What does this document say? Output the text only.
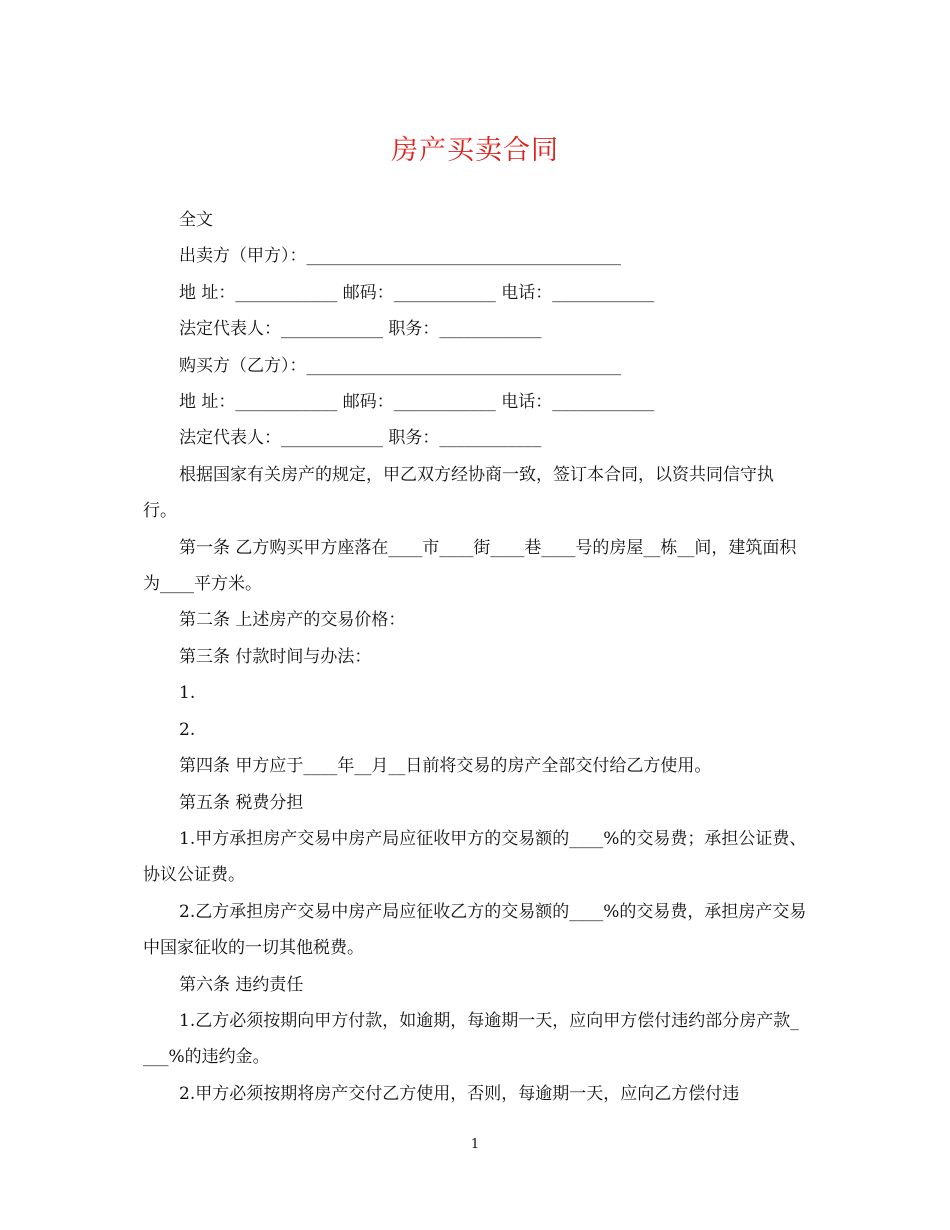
房产买卖合同

全文

出卖方（甲方）：_____________________________________

地 址：____________ 邮码：____________ 电话：____________

法定代表人：____________ 职务：____________

购买方（乙方）：_____________________________________

地 址：____________ 邮码：____________ 电话：____________

法定代表人：____________ 职务：____________

根据国家有关房产的规定，甲乙双方经协商一致，签订本合同，以资共同信守执行。

第一条 乙方购买甲方座落在____市____街____巷____号的房屋__栋__间，建筑面积为____平方米。

第二条 上述房产的交易价格：

第三条 付款时间与办法：

1.

2.

第四条 甲方应于____年__月__日前将交易的房产全部交付给乙方使用。

第五条 税费分担

1.甲方承担房产交易中房产局应征收甲方的交易额的____%的交易费；承担公证费、协议公证费。

2.乙方承担房产交易中房产局应征收乙方的交易额的____%的交易费，承担房产交易中国家征收的一切其他税费。

第六条 违约责任

1.乙方必须按期向甲方付款，如逾期，每逾期一天，应向甲方偿付违约部分房产款____%的违约金。

2.甲方必须按期将房产交付乙方使用，否则，每逾期一天，应向乙方偿付违

1
